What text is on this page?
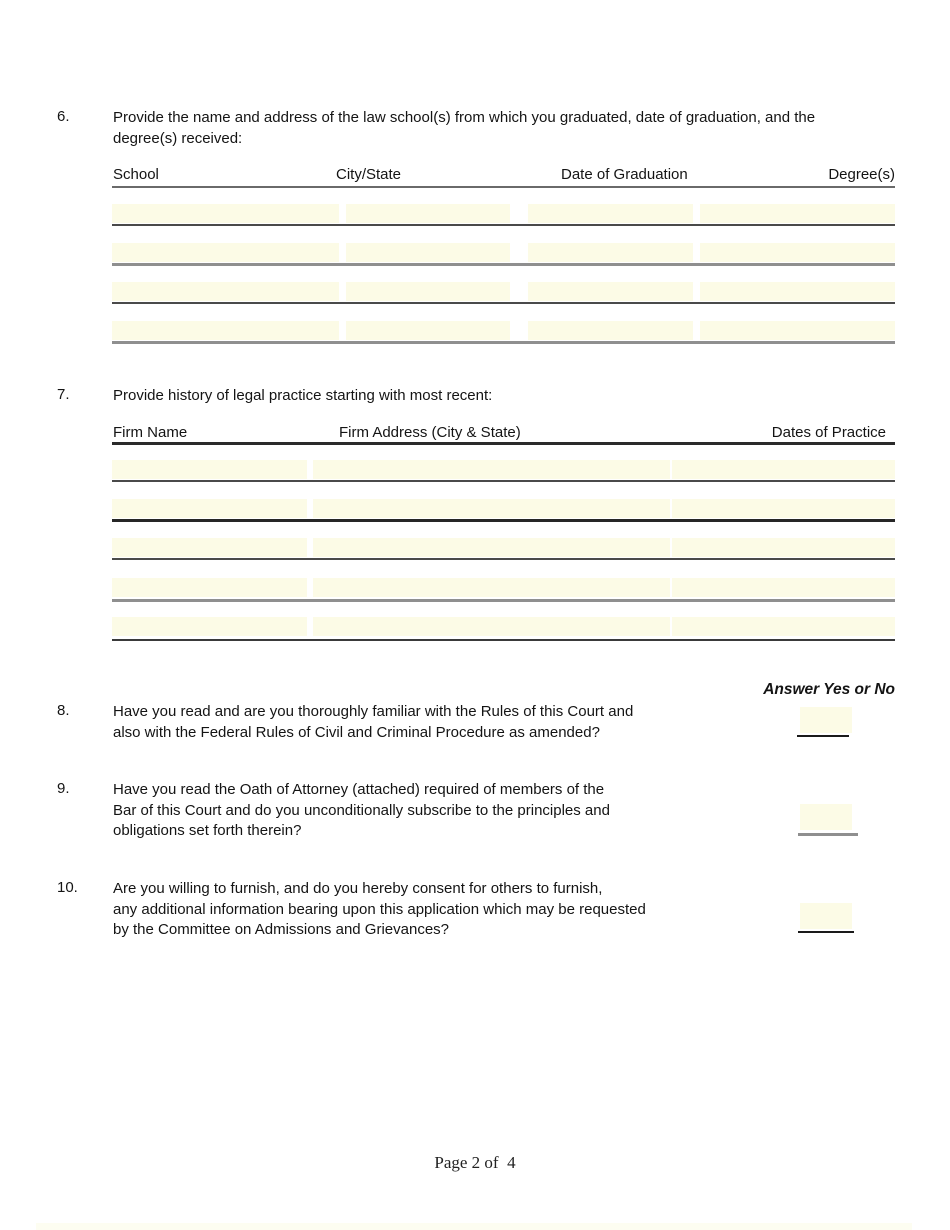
6.	Provide the name and address of the law school(s) from which you graduated, date of graduation, and the
degree(s) received:
School	City/State	Date of Graduation	Degree(s)
7.	Provide history of legal practice starting with most recent:
Firm Name	Firm Address (City & State)	Dates of Practice
Answer Yes or No
8.	Have you read and are you thoroughly familiar with the Rules of this Court and
also with the Federal Rules of Civil and Criminal Procedure as amended?
9.	Have you read the Oath of Attorney (attached) required of members of the
Bar of this Court and do you unconditionally subscribe to the principles and
obligations set forth therein?
10.	Are you willing to furnish, and do you hereby consent for others to furnish,
any additional information bearing upon this application which may be requested
by the Committee on Admissions and Grievances?
Page 2 of  4
